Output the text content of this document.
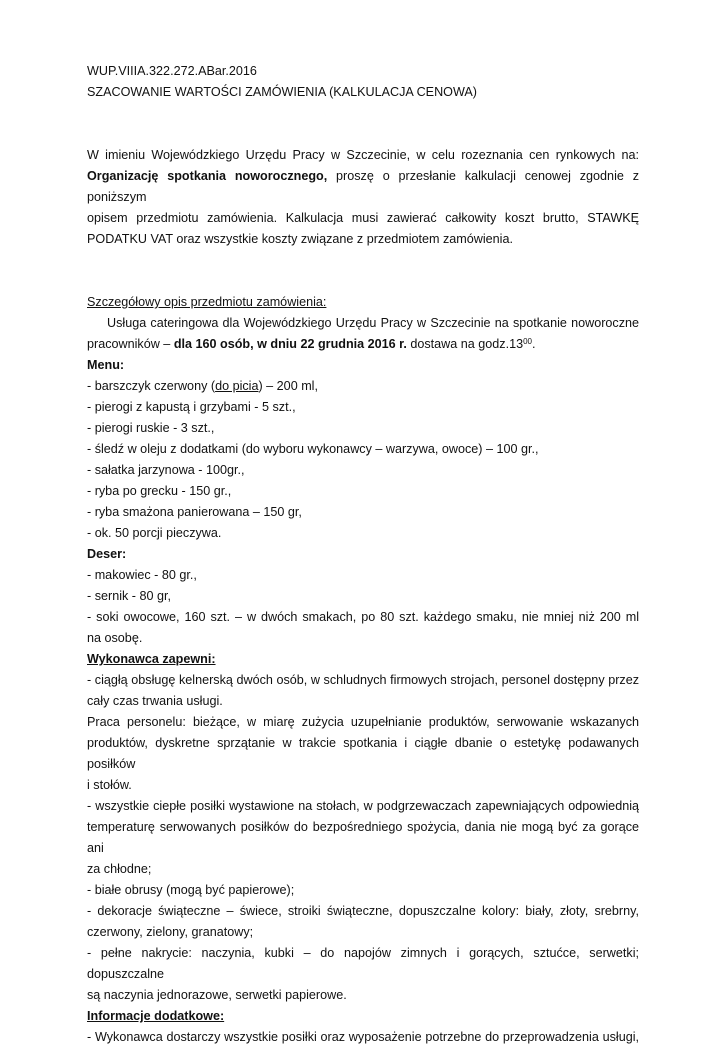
WUP.VIIIA.322.272.ABar.2016
SZACOWANIE WARTOŚCI ZAMÓWIENIA (KALKULACJA CENOWA)
W imieniu Wojewódzkiego Urzędu Pracy w Szczecinie, w celu rozeznania cen rynkowych na:
Organizację spotkania noworocznego, proszę o przesłanie kalkulacji cenowej zgodnie z poniższym
opisem przedmiotu zamówienia. Kalkulacja musi zawierać całkowity koszt brutto, STAWKĘ
PODATKU VAT oraz wszystkie koszty związane z przedmiotem zamówienia.
Szczegółowy opis przedmiotu zamówienia:
Usługa cateringowa dla Wojewódzkiego Urzędu Pracy w Szczecinie na spotkanie noworoczne
pracowników – dla 160 osób, w dniu 22 grudnia 2016 r. dostawa na $godz.13^{00}$.
Menu:
- barszczyk czerwony (do picia) – 200 ml,
- pierogi z kapustą i grzybami - 5 szt.,
- pierogi ruskie - 3 szt.,
- śledź w oleju z dodatkami (do wyboru wykonawcy – warzywa, owoce) – 100 gr.,
- sałatka jarzynowa - 100gr.,
- ryba po grecku - 150 gr.,
- ryba smażona panierowana – 150 gr,
- ok. 50 porcji pieczywa.
Deser:
- makowiec - 80 gr.,
- sernik - 80 gr,
- soki owocowe, 160 szt. – w dwóch smakach, po 80 szt. każdego smaku, nie mniej niż 200 ml
na osobę.
Wykonawca zapewni:
- ciągłą obsługę kelnerską dwóch osób, w schludnych firmowych strojach, personel dostępny przez
cały czas trwania usługi.
Praca personelu: bieżące, w miarę zużycia uzupełnianie produktów, serwowanie wskazanych
produktów, dyskretne sprzątanie w trakcie spotkania i ciągłe dbanie o estetykę podawanych posiłków
i stołów.
- wszystkie ciepłe posiłki wystawione na stołach, w podgrzewaczach zapewniających odpowiednią
temperaturę serwowanych posiłków do bezpośredniego spożycia, dania nie mogą być za gorące ani
za chłodne;
- białe obrusy (mogą być papierowe);
- dekoracje świąteczne – świece, stroiki świąteczne, dopuszczalne kolory: biały, złoty, srebrny,
czerwony, zielony, granatowy;
- pełne nakrycie: naczynia, kubki – do napojów zimnych i gorących, sztućce, serwetki; dopuszczalne
są naczynia jednorazowe, serwetki papierowe.
Informacje dodatkowe:
- Wykonawca dostarczy wszystkie posiłki oraz wyposażenie potrzebne do przeprowadzenia usługi,
